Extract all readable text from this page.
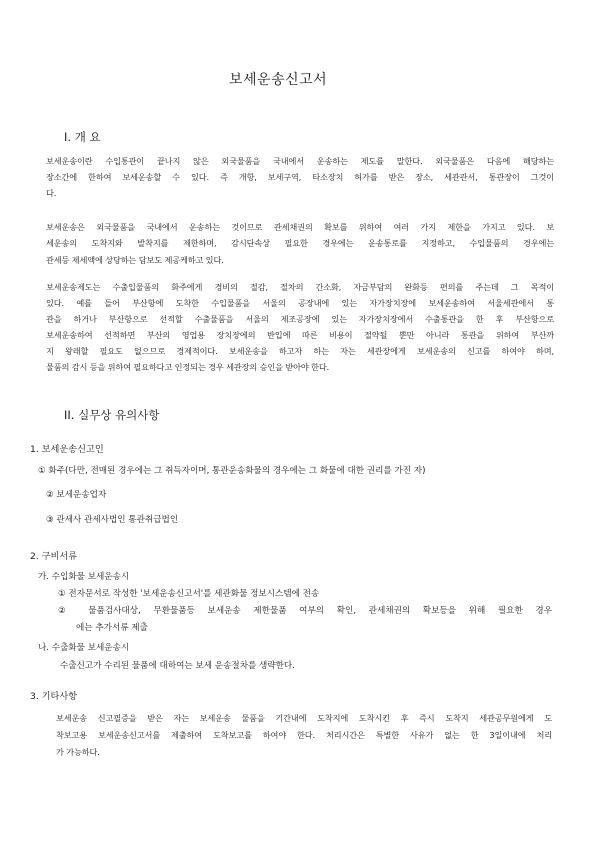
보세운송신고서
I. 개 요
보세운송이란 수입통관이 끝나지 않은 외국물품을 국내에서 운송하는 제도를 말한다. 외국물품은 다음에 해당하는
장소간에 한하여 보세운송할 수 있다. 즉 개항, 보세구역, 타소장치 허가를 받은 장소, 세관관서, 통관장이 그것이
다.
보세운송은 외국물품을 국내에서 운송하는 것이므로 관세채권의 확보를 위하여 여러 가지 제한을 가지고 있다. 보
세운송의 도착지와 발착지를 제한하며, 감시단속상 필요한 경우에는 운송통로를 지정하고, 수입물품의 경우에는
관세등 제세액에 상당하는 담보도 제공케하고 있다.
보세운송제도는 수출입물품의 화주에게 경비의 절감, 절차의 간소화, 자금부담의 완화등 편의를 주는데 그 목적이
있다. 예를 들어 부산항에 도착한 수입물품을 서울의 공장내에 있는 자가장치장에 보세운송하여 서울세관에서 통
관을 하거나 부산항으로 선적할 수출물품을 서울의 제조공장에 있는 자가장치장에서 수출통관을 한 후 부산항으로
보세운송하여 선적하면 부산의 영업용 장치장에의 반입에 따른 비용이 절약될 뿐만 아니라 통관을 위하여 부산까
지 왕래할 필요도 없으므로 경제적이다. 보세운송을 하고자 하는 자는 세관장에게 보세운송의 신고를 하여야 하며,
물품의 감시 등을 위하여 필요하다고 인정되는 경우 세관장의 승인을 받아야 한다.
II. 실무상 유의사항
1. 보세운송신고인
① 화주(다만, 전매된 경우에는 그 취득자이며, 통관운송화물의 경우에는 그 화물에 대한 권리를 가진 자)
② 보세운송업자
③ 관세사 관세사법인 통관취급법인
2. 구비서류
가. 수입화물 보세운송시
① 전자문서로 작성한 '보세운송신고서'를 세관화물 정보시스템에 전송
② 물품검사대상, 무환물품등 보세운송 제한물품 여부의 확인, 관세채권의 확보등을 위해 필요한 경우
에는 추가서류 제출
나. 수출화물 보세운송시
수출신고가 수리된 물품에 대하여는 보세 운송절차를 생략한다.
3. 기타사항
보세운송 신고필증을 받은 자는 보세운송 물품을 기간내에 도착지에 도착시킨 후 즉시 도착지 세관공무원에게 도
착보고용 보세운송신고서를 제출하여 도착보고를 하여야 한다. 처리시간은 특별한 사유가 없는 한 3일이내에 처리
가 가능하다.
